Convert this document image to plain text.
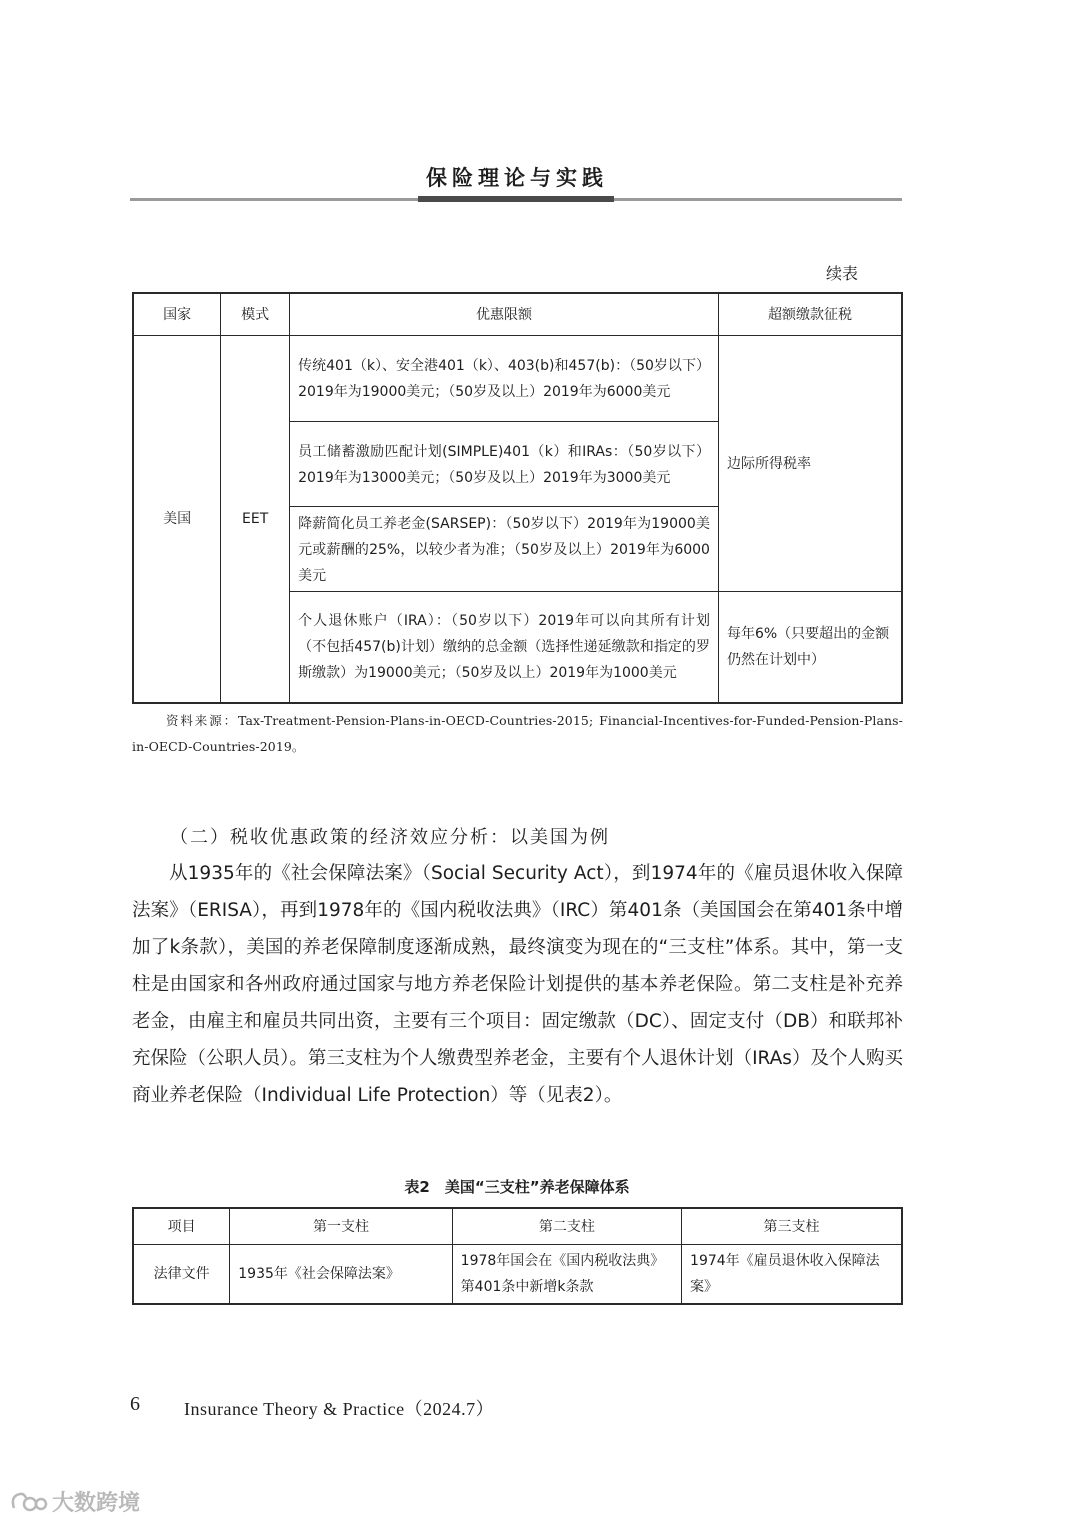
保险理论与实践
续表
国家	模式	优惠限额	超额缴款征税
美国	EET	传统401（k）、安全港401（k）、403(b)和457(b)：（50岁以下）2019年为19000美元；（50岁及以上）2019年为6000美元	边际所得税率
		员工储蓄激励匹配计划(SIMPLE)401（k）和IRAs：（50岁以下）2019年为13000美元；（50岁及以上）2019年为3000美元	
		降薪简化员工养老金(SARSEP)：（50岁以下）2019年为19000美元或薪酬的25%，以较少者为准；（50岁及以上）2019年为6000美元	
		个人退休账户（IRA）：（50岁以下）2019年可以向其所有计划（不包括457(b)计划）缴纳的总金额（选择性递延缴款和指定的罗斯缴款）为19000美元；（50岁及以上）2019年为1000美元	每年6%（只要超出的金额仍然在计划中）
资料来源：Tax-Treatment-Pension-Plans-in-OECD-Countries-2015; Financial-Incentives-for-Funded-Pension-Plans-in-OECD-Countries-2019。
（二）税收优惠政策的经济效应分析：以美国为例

从1935年的《社会保障法案》（Social Security Act），到1974年的《雇员退休收入保障法案》（ERISA），再到1978年的《国内税收法典》（IRC）第401条（美国国会在第401条中增加了k条款），美国的养老保障制度逐渐成熟，最终演变为现在的“三支柱”体系。其中，第一支柱是由国家和各州政府通过国家与地方养老保险计划提供的基本养老保险。第二支柱是补充养老金，由雇主和雇员共同出资，主要有三个项目：固定缴款（DC）、固定支付（DB）和联邦补充保险（公职人员）。第三支柱为个人缴费型养老金，主要有个人退休计划（IRAs）及个人购买商业养老保险（Individual Life Protection）等（见表2）。

表2　美国“三支柱”养老保障体系
项目	第一支柱	第二支柱	第三支柱
法律文件	1935年《社会保障法案》	1978年国会在《国内税收法典》第401条中新增k条款	1974年《雇员退休收入保障法案》
6 Insurance Theory & Practice（2024.7）
大数跨境
